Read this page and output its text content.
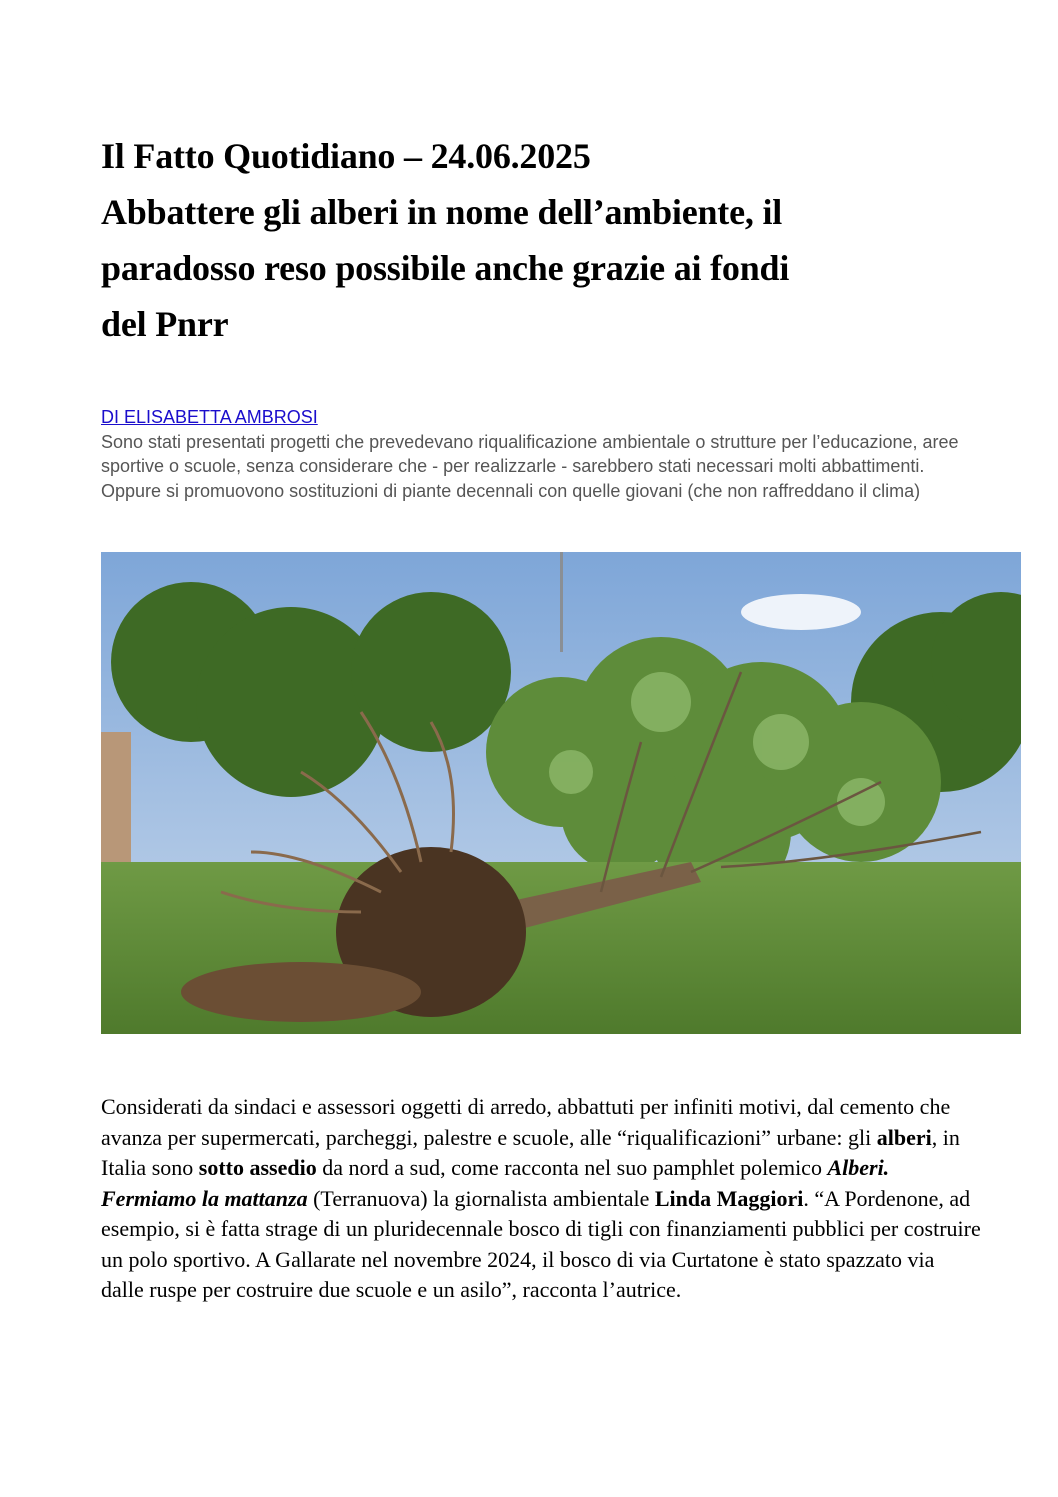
Il Fatto Quotidiano – 24.06.2025
Abbattere gli alberi in nome dell’ambiente, il
paradosso reso possibile anche grazie ai fondi
del Pnrr
DI ELISABETTA AMBROSI

Sono stati presentati progetti che prevedevano riqualificazione ambientale o strutture per l’educazione, aree sportive o scuole, senza considerare che - per realizzarle - sarebbero stati necessari molti abbattimenti. Oppure si promuovono sostituzioni di piante decennali con quelle giovani (che non raffreddano il clima)

Considerati da sindaci e assessori oggetti di arredo, abbattuti per infiniti motivi, dal cemento che avanza per supermercati, parcheggi, palestre e scuole, alle “riqualificazioni” urbane: gli alberi, in Italia sono sotto assedio da nord a sud, come racconta nel suo pamphlet polemico Alberi. Fermiamo la mattanza (Terranuova) la giornalista ambientale Linda Maggiori. “A Pordenone, ad esempio, si è fatta strage di un pluridecennale bosco di tigli con finanziamenti pubblici per costruire un polo sportivo. A Gallarate nel novembre 2024, il bosco di via Curtatone è stato spazzato via dalle ruspe per costruire due scuole e un asilo”, racconta l’autrice.
